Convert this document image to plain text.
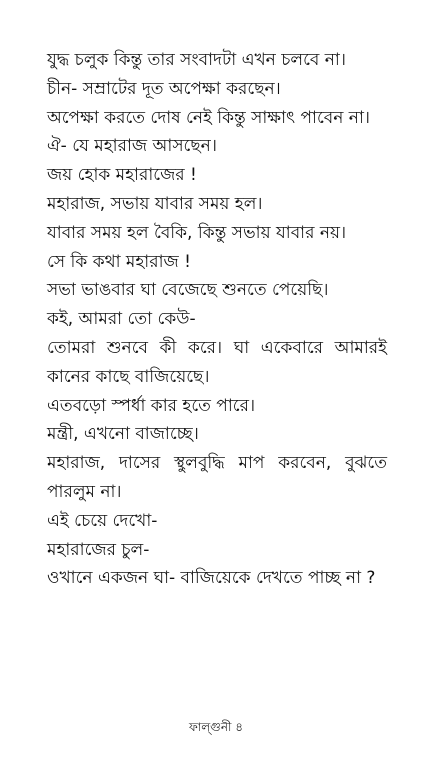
যুদ্ধ চলুক কিন্তু তার সংবাদটা এখন চলবে না।

চীন- সম্রাটের দূত অপেক্ষা করছেন।

অপেক্ষা করতে দোষ নেই কিন্তু সাক্ষাৎ পাবেন না।

ঐ- যে মহারাজ আসছেন।

জয় হোক মহারাজের !

মহারাজ, সভায় যাবার সময় হল।

যাবার সময় হল বৈকি, কিন্তু সভায় যাবার নয়।

সে কি কথা মহারাজ !

সভা ভাঙবার ঘা বেজেছে শুনতে পেয়েছি।

কই, আমরা তো কেউ-

তোমরা শুনবে কী করে। ঘা একেবারে আমারই কানের কাছে বাজিয়েছে।

এতবড়ো স্পর্ধা কার হতে পারে।

মন্ত্রী, এখনো বাজাচ্ছে।

মহারাজ, দাসের স্থুলবুদ্ধি মাপ করবেন, বুঝতে পারলুম না।

এই চেয়ে দেখো-

মহারাজের চুল-

ওখানে একজন ঘা- বাজিয়েকে দেখতে পাচ্ছ না ?

ফাল্গুনী ৪
